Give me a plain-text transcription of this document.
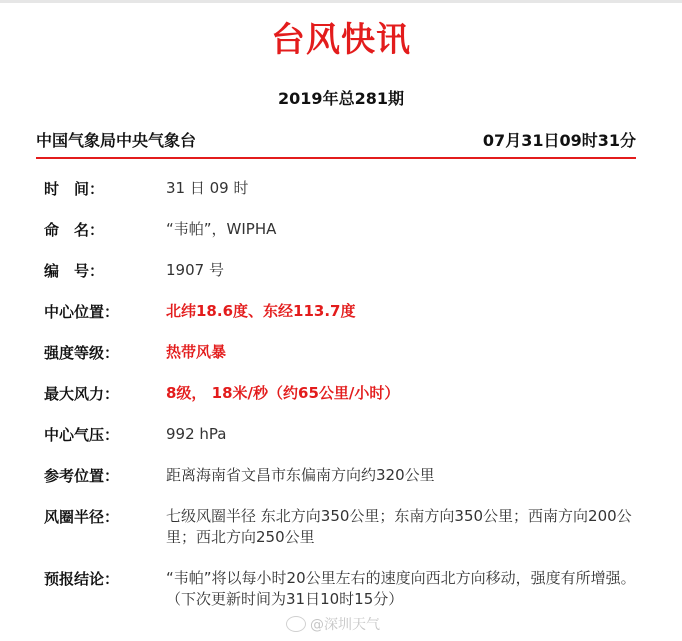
台风快讯
2019年总281期
中国气象局中央气象台	07月31日09时31分
时　间：	31 日 09 时
命　名：	“韦帕”，WIPHA
编　号：	1907 号
中心位置：	北纬18.6度、东经113.7度
强度等级：	热带风暴
最大风力：	8级， 18米/秒（约65公里/小时）
中心气压：	992 hPa
参考位置：	距离海南省文昌市东偏南方向约320公里
风圈半径：	七级风圈半径 东北方向350公里；东南方向350公里；西南方向200公里；西北方向250公里
预报结论：	“韦帕”将以每小时20公里左右的速度向西北方向移动，强度有所增强。
（下次更新时间为31日10时15分）
@深圳天气
